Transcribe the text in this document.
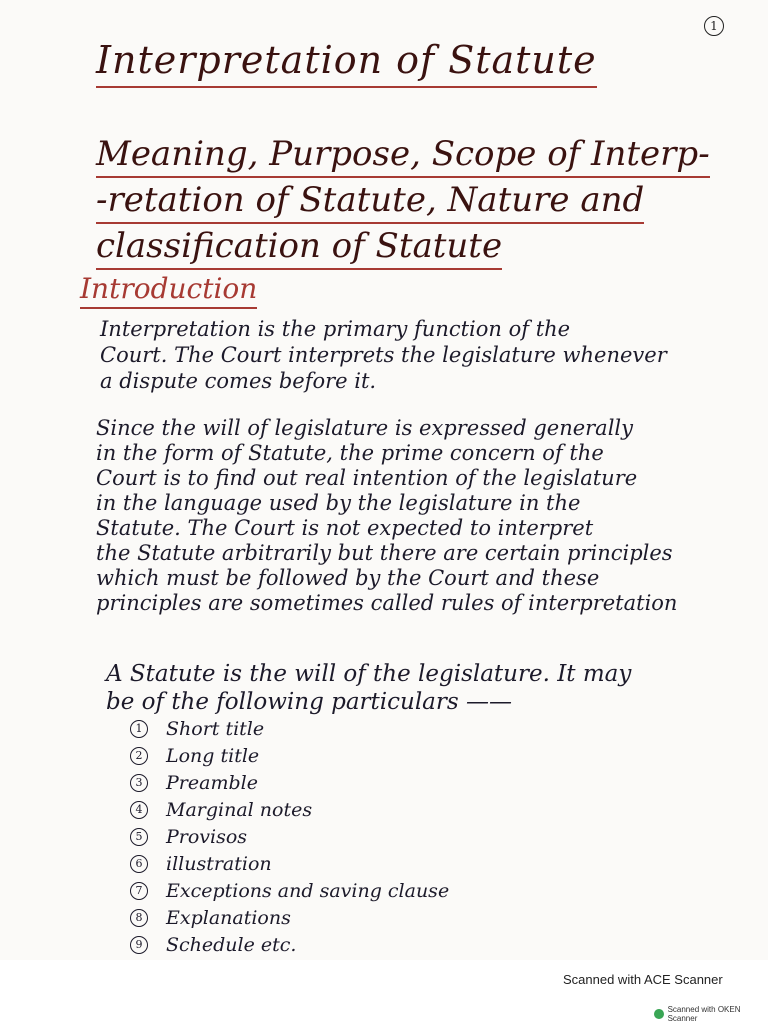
1
Interpretation of Statute
Meaning, Purpose, Scope of Interp-
-retation of Statute, Nature and
classification of Statute
Introduction
Interpretation is the primary function of the
Court. The Court interprets the legislature whenever
a dispute comes before it.
Since the will of legislature is expressed generally
in the form of Statute, the prime concern of the
Court is to find out real intention of the legislature
in the language used by the legislature in the
Statute. The Court is not expected to interpret
the Statute arbitrarily but there are certain principles
which must be followed by the Court and these
principles are sometimes called rules of interpretation
A Statute is the will of the legislature. It may
be of the following particulars ——
1 Short title
2 Long title
3 Preamble
4 Marginal notes
5 Provisos
6 illustration
7 Exceptions and saving clause
8 Explanations
9 Schedule etc.
Scanned with ACE Scanner
Scanned with OKEN Scanner
